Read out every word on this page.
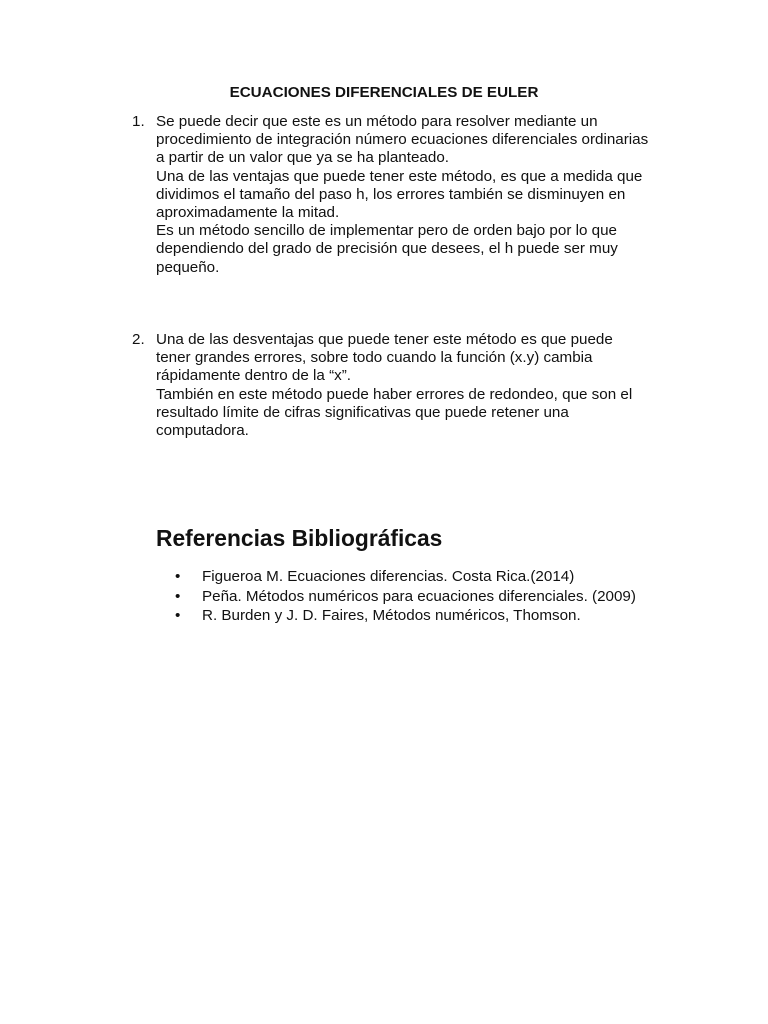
ECUACIONES DIFERENCIALES DE EULER
1. Se puede decir que este es un método para resolver mediante un
procedimiento de integración número ecuaciones diferenciales ordinarias
a partir de un valor que ya se ha planteado.
Una de las ventajas que puede tener este método, es que a medida que
dividimos el tamaño del paso h, los errores también se disminuyen en
aproximadamente la mitad.
Es un método sencillo de implementar pero de orden bajo por lo que
dependiendo del grado de precisión que desees, el h puede ser muy
pequeño.

2. Una de las desventajas que puede tener este método es que puede
tener grandes errores, sobre todo cuando la función (x.y) cambia
rápidamente dentro de la “x”.
También en este método puede haber errores de redondeo, que son el
resultado límite de cifras significativas que puede retener una
computadora.

Referencias Bibliográficas
• Figueroa M. Ecuaciones diferencias. Costa Rica.(2014)
• Peña. Métodos numéricos para ecuaciones diferenciales. (2009)
• R. Burden y J. D. Faires, Métodos numéricos, Thomson.
